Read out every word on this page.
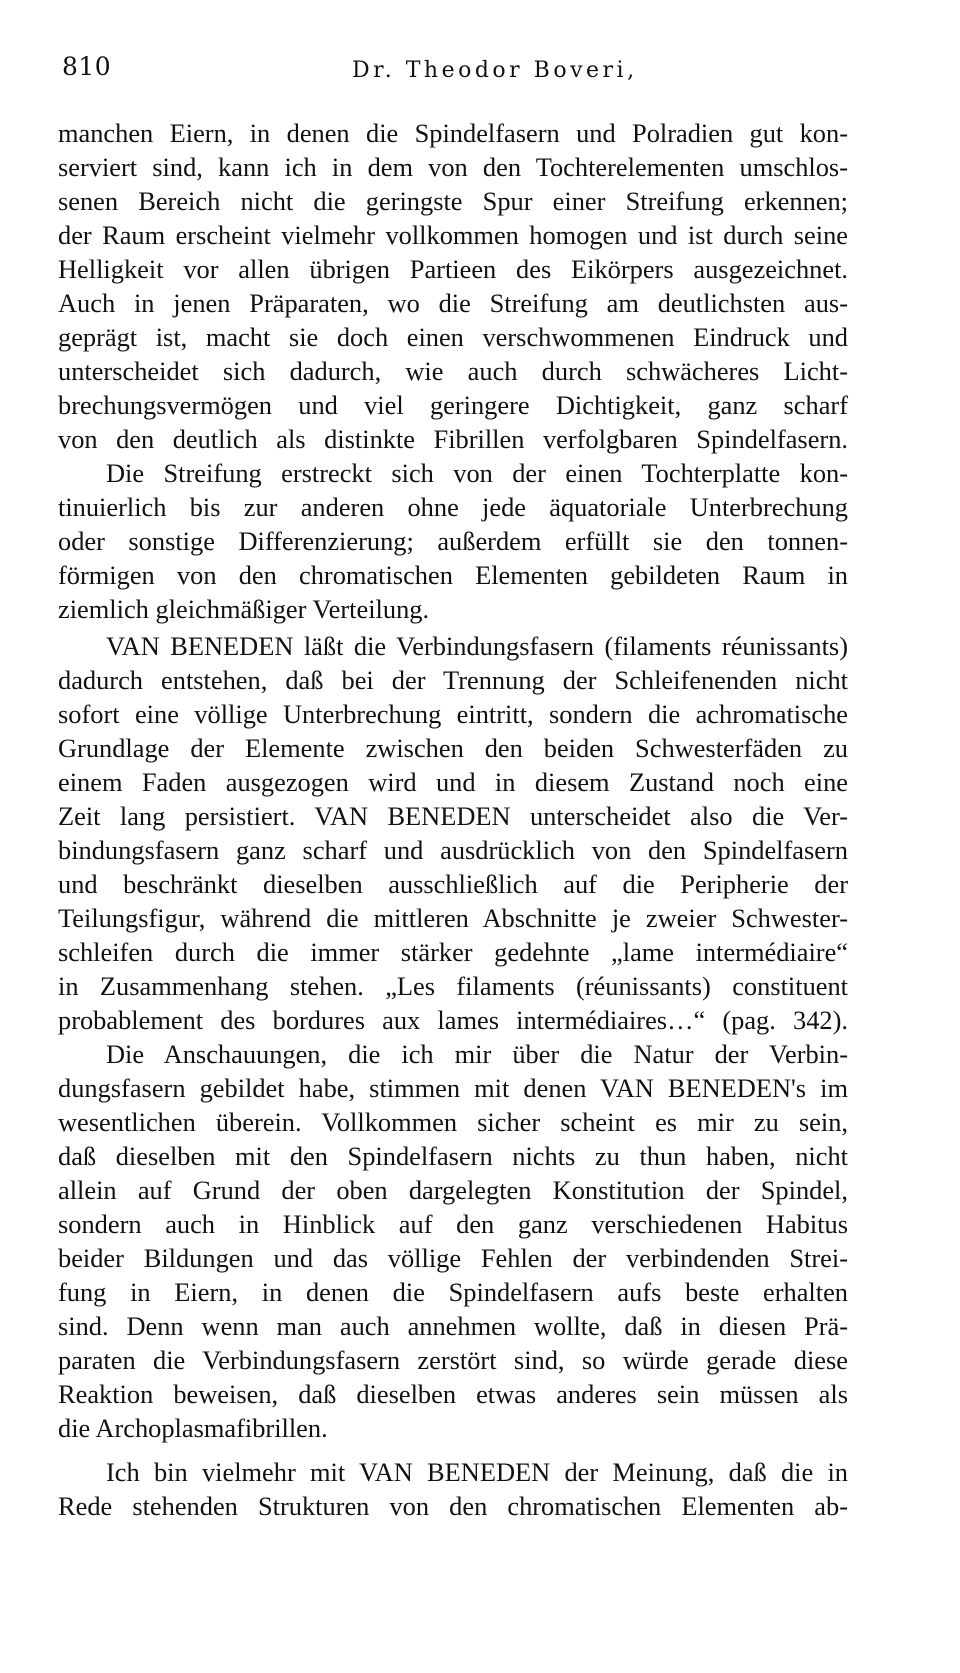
810	Dr. Theodor Boveri,
manchen Eiern, in denen die Spindelfasern und Polradien gut kon-
serviert sind, kann ich in dem von den Tochterelementen umschlos-
senen Bereich nicht die geringste Spur einer Streifung erkennen;
der Raum erscheint vielmehr vollkommen homogen und ist durch seine
Helligkeit vor allen übrigen Partieen des Eikörpers ausgezeichnet.
Auch in jenen Präparaten, wo die Streifung am deutlichsten aus-
geprägt ist, macht sie doch einen verschwommenen Eindruck und
unterscheidet sich dadurch, wie auch durch schwächeres Licht-
brechungsvermögen und viel geringere Dichtigkeit, ganz scharf
von den deutlich als distinkte Fibrillen verfolgbaren Spindelfasern.
Die Streifung erstreckt sich von der einen Tochterplatte kon-
tinuierlich bis zur anderen ohne jede äquatoriale Unterbrechung
oder sonstige Differenzierung; außerdem erfüllt sie den tonnen-
förmigen von den chromatischen Elementen gebildeten Raum in
ziemlich gleichmäßiger Verteilung.
VAN BENEDEN läßt die Verbindungsfasern (filaments réunissants)
dadurch entstehen, daß bei der Trennung der Schleifenenden nicht
sofort eine völlige Unterbrechung eintritt, sondern die achromatische
Grundlage der Elemente zwischen den beiden Schwesterfäden zu
einem Faden ausgezogen wird und in diesem Zustand noch eine
Zeit lang persistiert. VAN BENEDEN unterscheidet also die Ver-
bindungsfasern ganz scharf und ausdrücklich von den Spindelfasern
und beschränkt dieselben ausschließlich auf die Peripherie der
Teilungsfigur, während die mittleren Abschnitte je zweier Schwester-
schleifen durch die immer stärker gedehnte „lame intermédiaire“
in Zusammenhang stehen. „Les filaments (réunissants) constituent
probablement des bordures aux lames intermédiaires…“ (pag. 342).
Die Anschauungen, die ich mir über die Natur der Verbin-
dungsfasern gebildet habe, stimmen mit denen VAN BENEDEN's im
wesentlichen überein. Vollkommen sicher scheint es mir zu sein,
daß dieselben mit den Spindelfasern nichts zu thun haben, nicht
allein auf Grund der oben dargelegten Konstitution der Spindel,
sondern auch in Hinblick auf den ganz verschiedenen Habitus
beider Bildungen und das völlige Fehlen der verbindenden Strei-
fung in Eiern, in denen die Spindelfasern aufs beste erhalten
sind. Denn wenn man auch annehmen wollte, daß in diesen Prä-
paraten die Verbindungsfasern zerstört sind, so würde gerade diese
Reaktion beweisen, daß dieselben etwas anderes sein müssen als
die Archoplasmafibrillen.
Ich bin vielmehr mit VAN BENEDEN der Meinung, daß die in
Rede stehenden Strukturen von den chromatischen Elementen ab-
